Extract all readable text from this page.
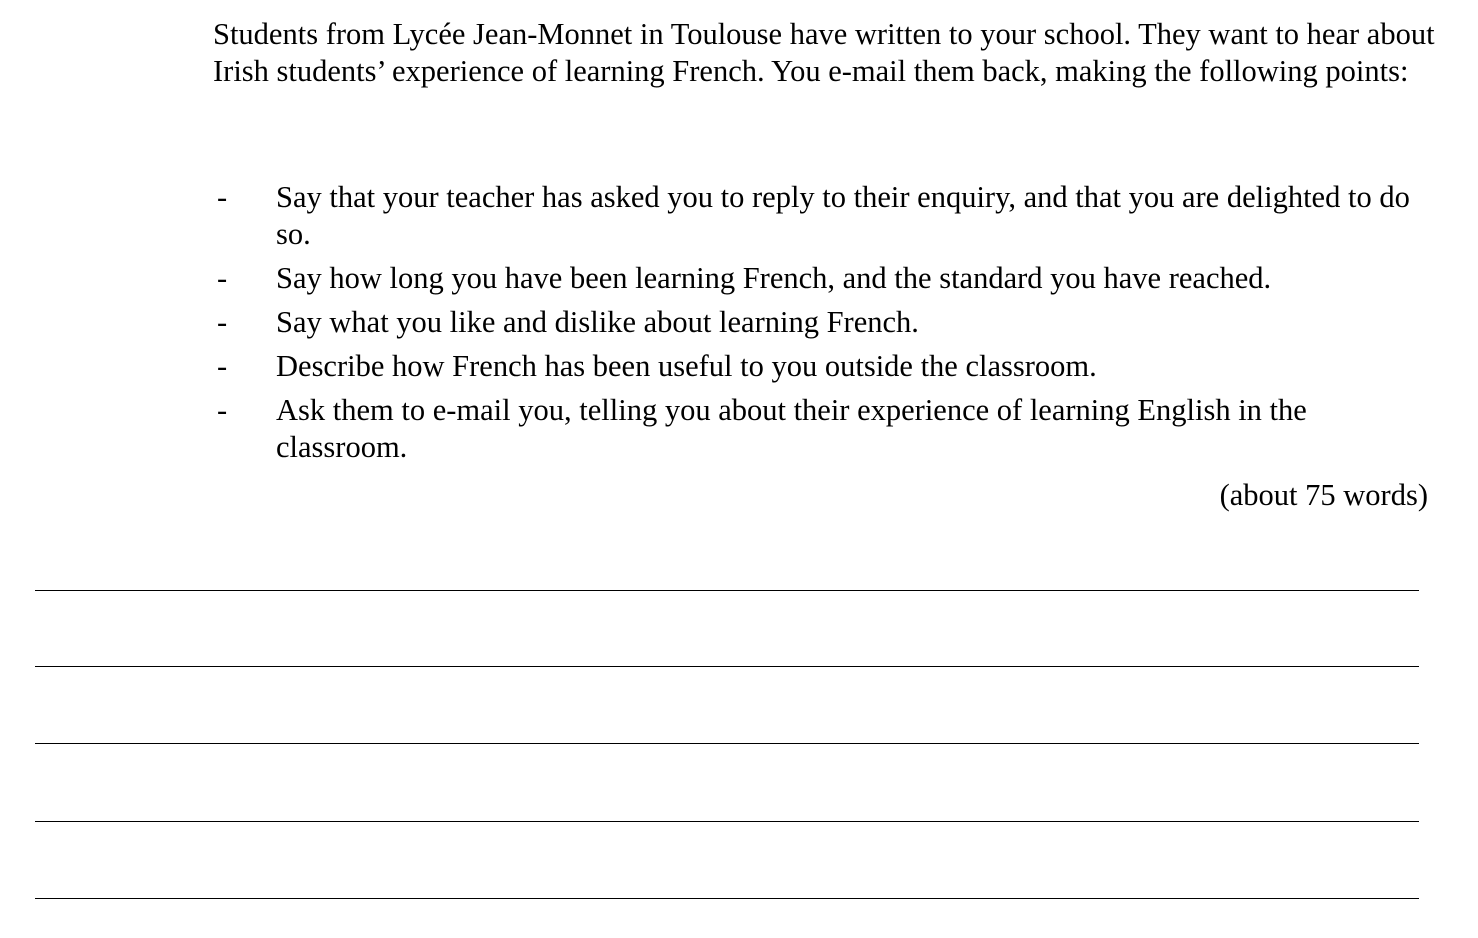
Students from Lycée Jean-Monnet in Toulouse have written to your school. They want to hear about Irish students’ experience of learning French. You e-mail them back, making the following points:

- Say that your teacher has asked you to reply to their enquiry, and that you are delighted to do so.
- Say how long you have been learning French, and the standard you have reached.
- Say what you like and dislike about learning French.
- Describe how French has been useful to you outside the classroom.
- Ask them to e-mail you, telling you about their experience of learning English in the classroom.
(about 75 words)
